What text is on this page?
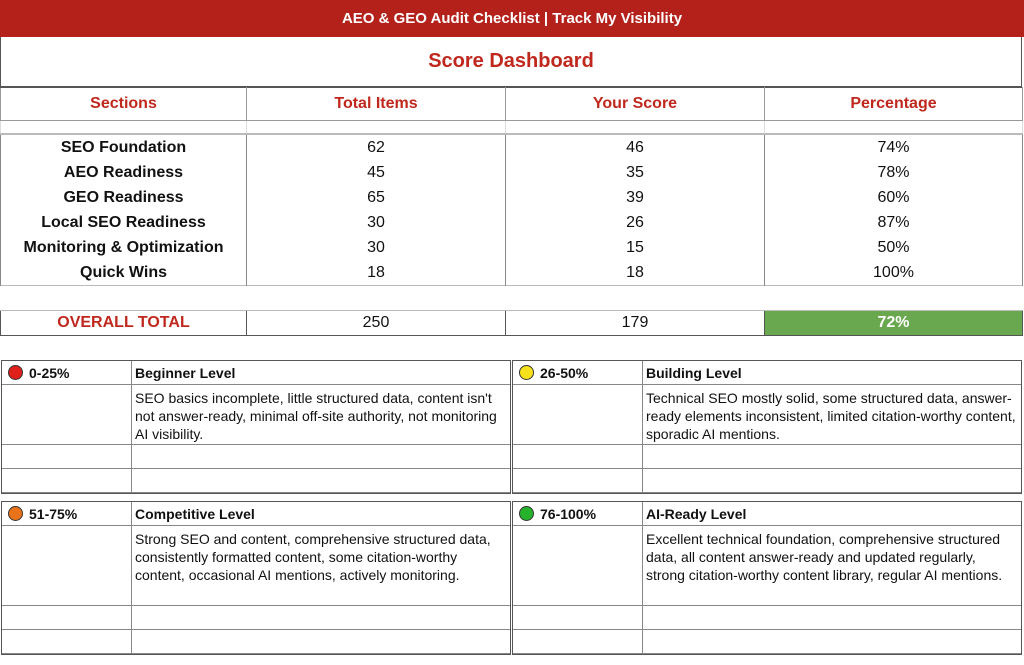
AEO & GEO Audit Checklist | Track My Visibility
Score Dashboard
Sections	Total Items	Your Score	Percentage

SEO Foundation	62	46	74%
AEO Readiness	45	35	78%
GEO Readiness	65	39	60%
Local SEO Readiness	30	26	87%
Monitoring & Optimization	30	15	50%
Quick Wins	18	18	100%

OVERALL TOTAL	250	179	72%
0-25%	Beginner Level
SEO basics incomplete, little structured data, content isn't not answer-ready, minimal off-site authority, not monitoring AI visibility.
26-50%	Building Level
Technical SEO mostly solid, some structured data, answer-ready elements inconsistent, limited citation-worthy content, sporadic AI mentions.
51-75%	Competitive Level
Strong SEO and content, comprehensive structured data, consistently formatted content, some citation-worthy content, occasional AI mentions, actively monitoring.
76-100%	AI-Ready Level
Excellent technical foundation, comprehensive structured data, all content answer-ready and updated regularly, strong citation-worthy content library, regular AI mentions.
